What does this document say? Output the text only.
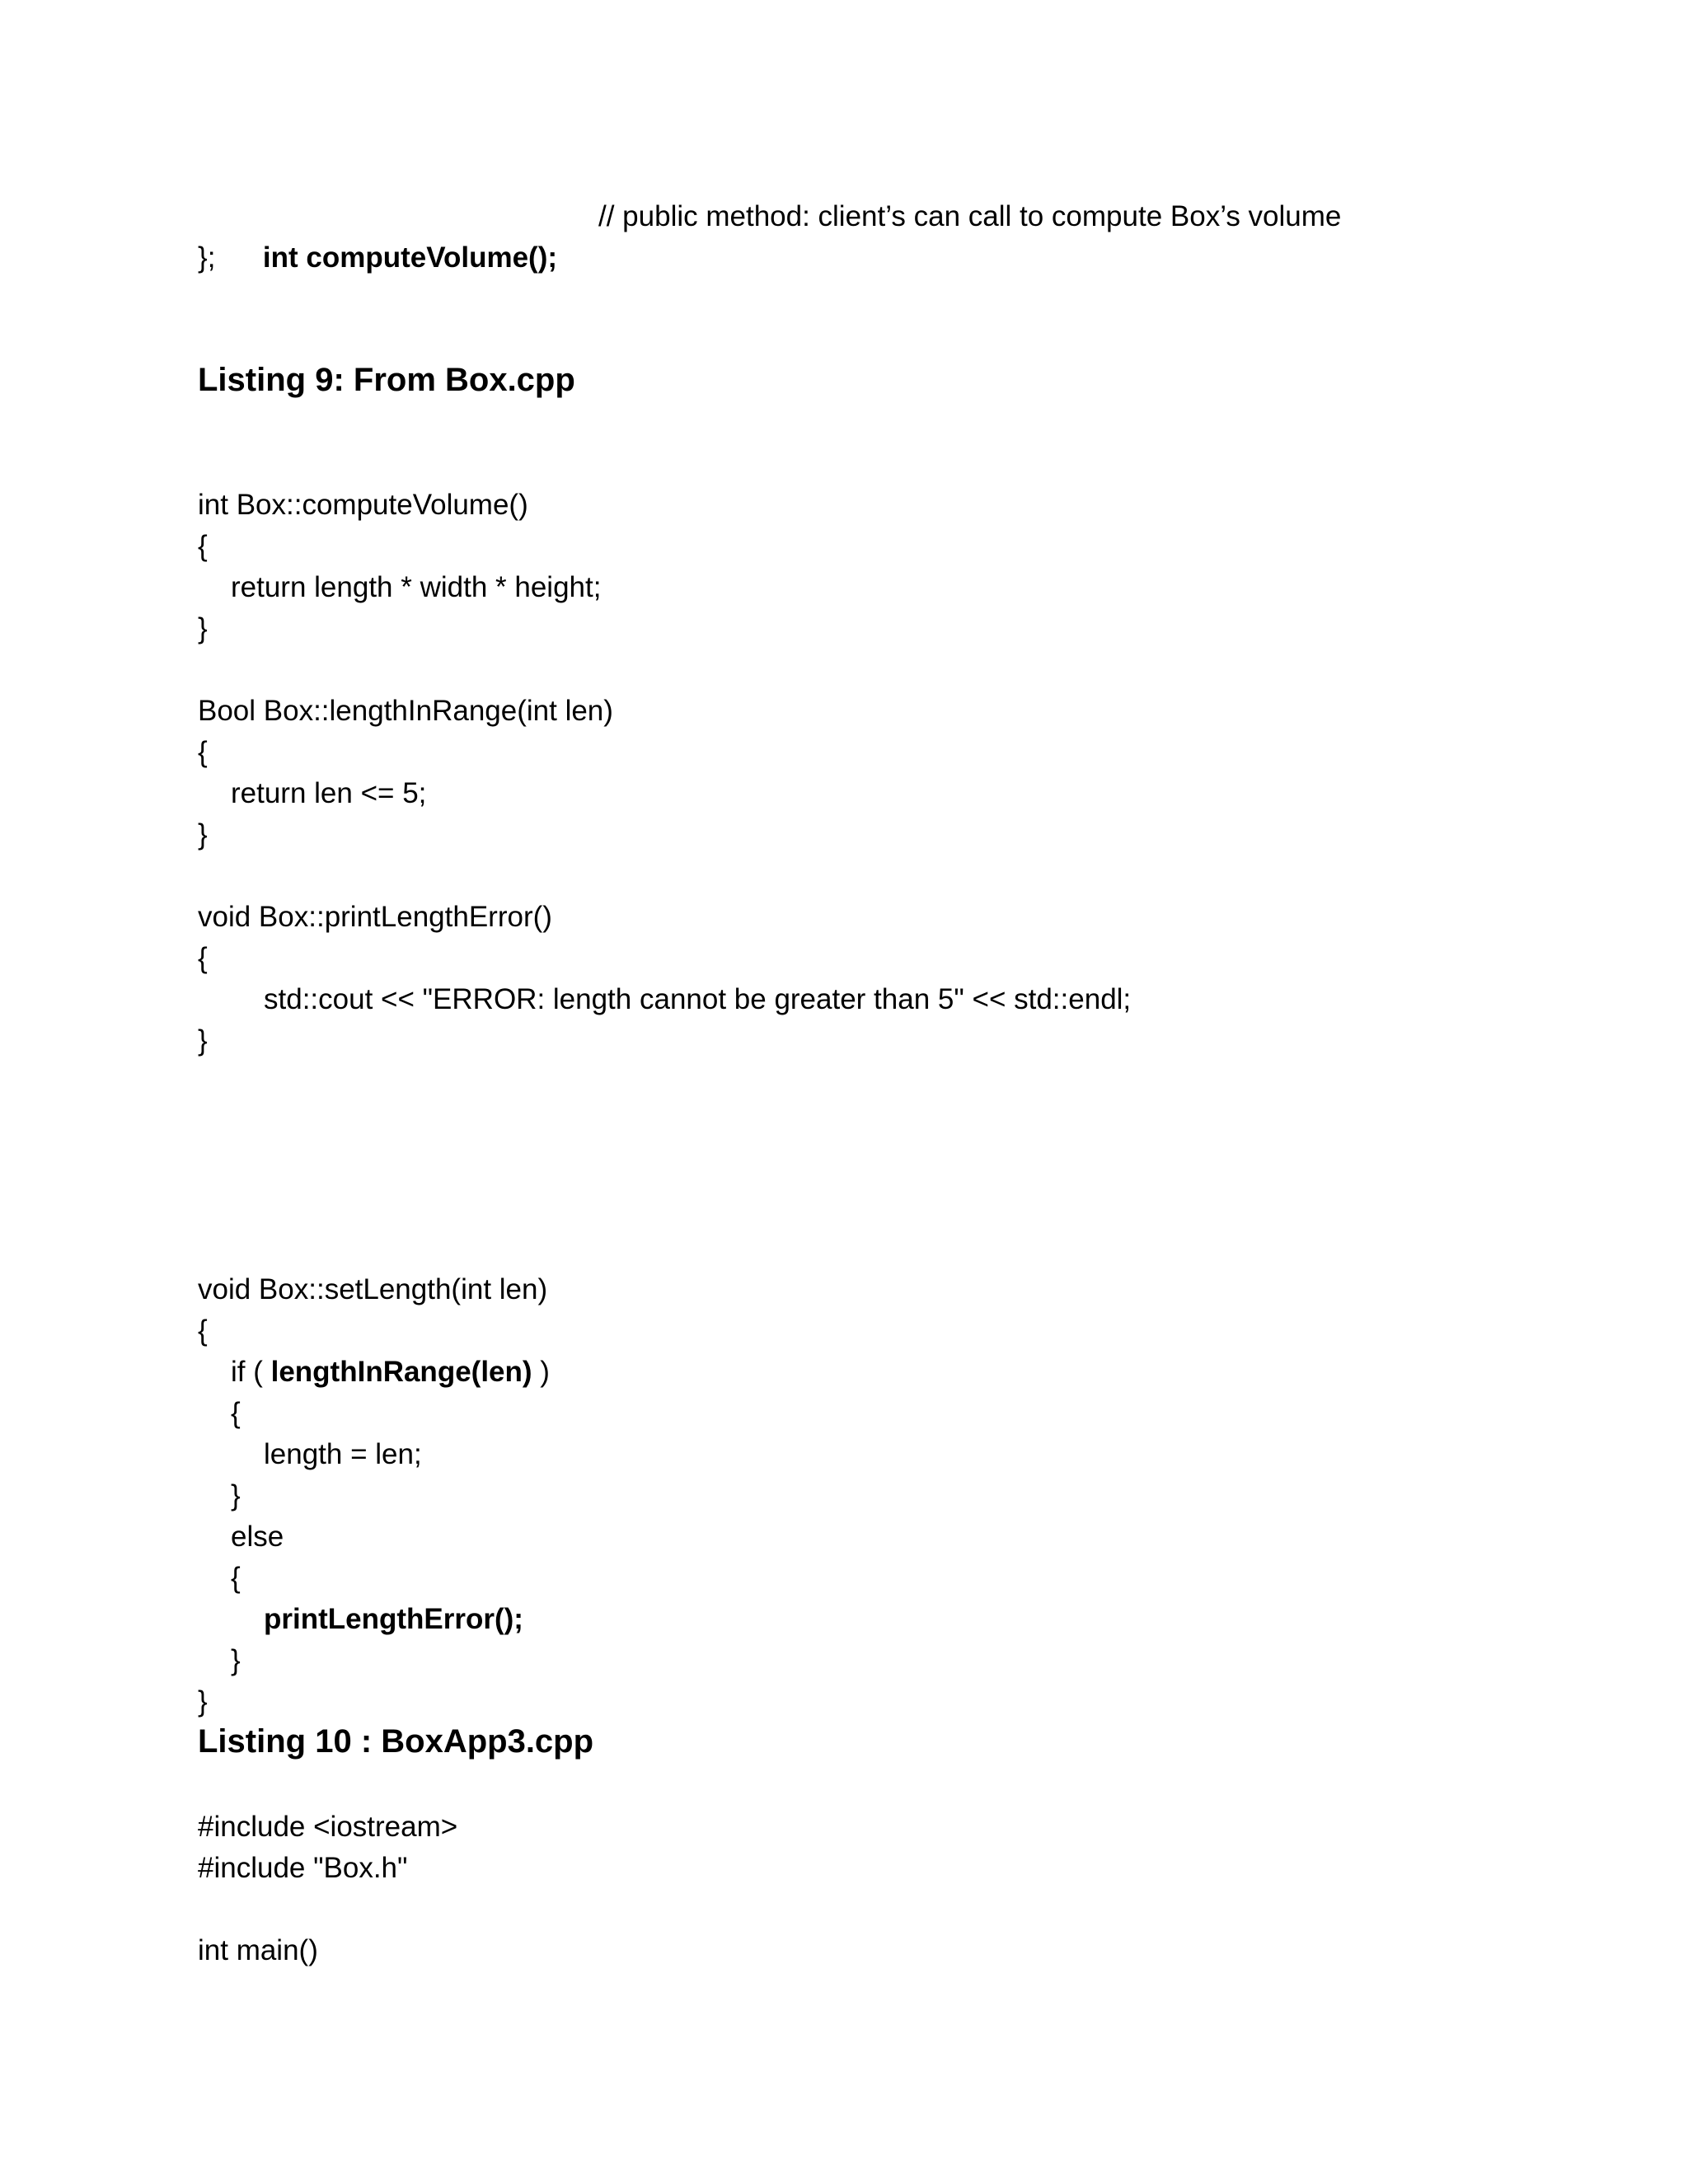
int computeVolume();

// public method: client’s can call to compute Box’s volume
};
Listing 9: From Box.cpp
int Box::computeVolume()
{
return length * width * height;
}
Bool Box::lengthInRange(int len)
{
return len <= 5;
}
void Box::printLengthError()
{
std::cout << "ERROR: length cannot be greater than 5" << std::endl;
}
void Box::setLength(int len)
{
if ( lengthInRange(len) )
{
length = len;
}
else
{
printLengthError();
}
}
Listing 10 : BoxApp3.cpp
#include <iostream>
#include "Box.h"
int main()
